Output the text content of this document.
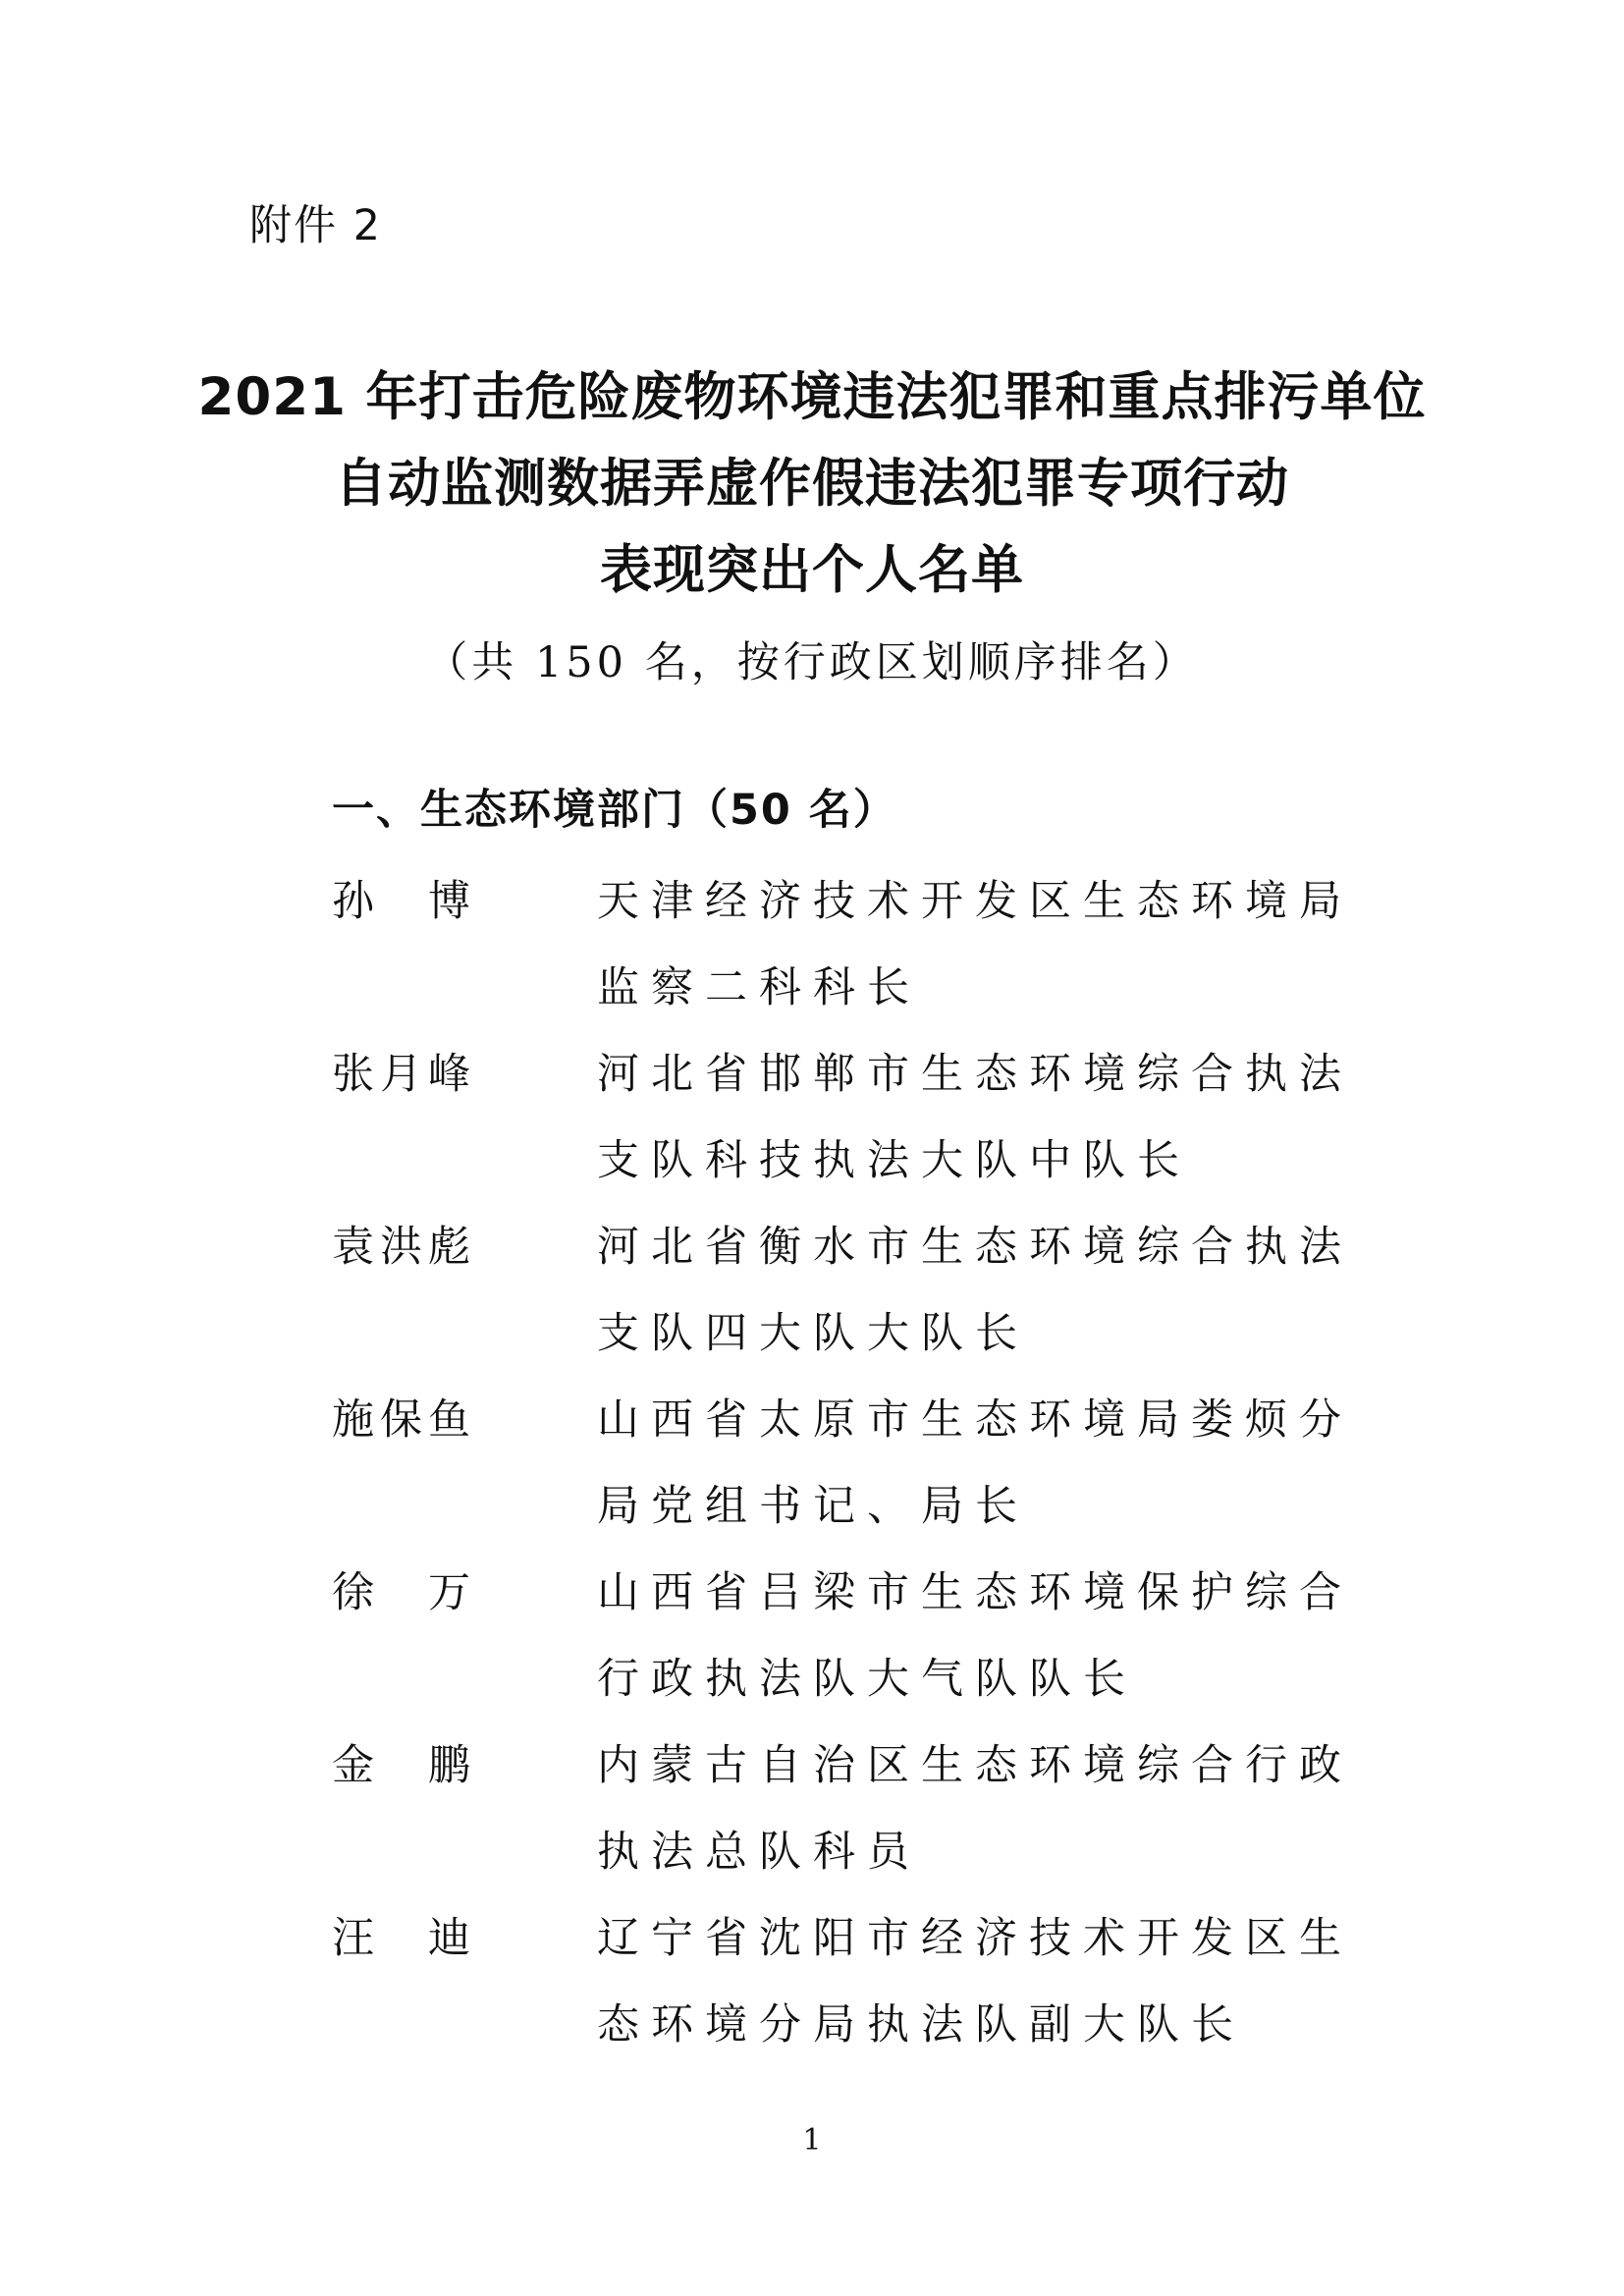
附件 2
2021 年打击危险废物环境违法犯罪和重点排污单位
自动监测数据弄虚作假违法犯罪专项行动
表现突出个人名单
（共 150 名，按行政区划顺序排名）
一、生态环境部门（50 名）
孙　博	天津经济技术开发区生态环境局监察二科科长
张月峰	河北省邯郸市生态环境综合执法支队科技执法大队中队长
袁洪彪	河北省衡水市生态环境综合执法支队四大队大队长
施保鱼	山西省太原市生态环境局娄烦分局党组书记、局长
徐　万	山西省吕梁市生态环境保护综合行政执法队大气队队长
金　鹏	内蒙古自治区生态环境综合行政执法总队科员
汪　迪	辽宁省沈阳市经济技术开发区生态环境分局执法队副大队长
1
